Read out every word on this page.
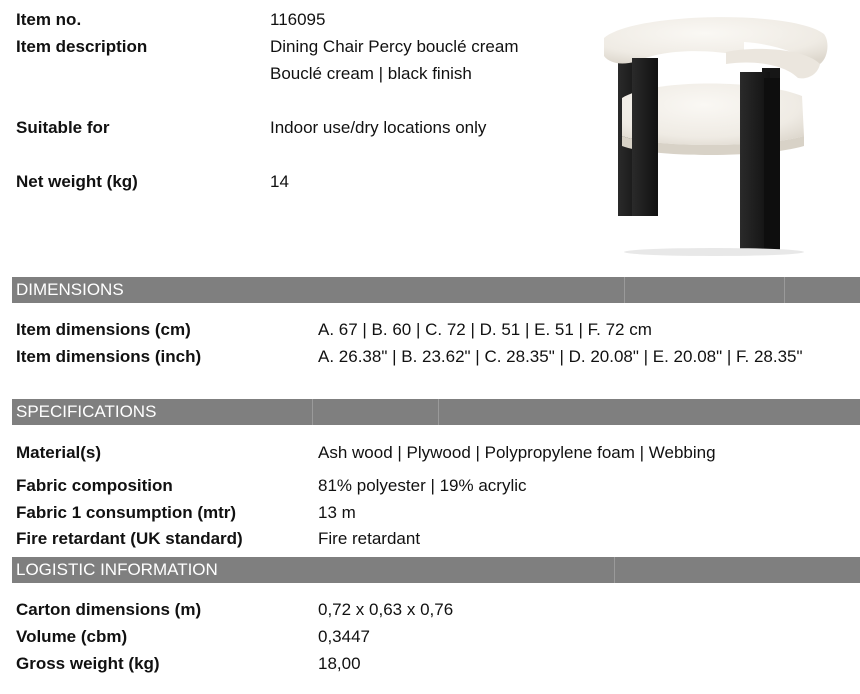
Item no.	116095
Item description	Dining Chair Percy bouclé cream
Bouclé cream | black finish
Suitable for	Indoor use/dry locations only
Net weight (kg)	14
DIMENSIONS
Item dimensions (cm)	A. 67 | B. 60 | C. 72 | D. 51 | E. 51 | F. 72 cm
Item dimensions (inch)	A. 26.38" | B. 23.62" | C. 28.35" | D. 20.08" | E. 20.08" | F. 28.35"
SPECIFICATIONS
Material(s)	Ash wood | Plywood | Polypropylene foam | Webbing
Fabric composition	81% polyester | 19% acrylic
Fabric 1 consumption (mtr)	13 m
Fire retardant (UK standard)	Fire retardant
LOGISTIC INFORMATION
Carton dimensions (m)	0,72 x 0,63 x 0,76
Volume (cbm)	0,3447
Gross weight (kg)	18,00
